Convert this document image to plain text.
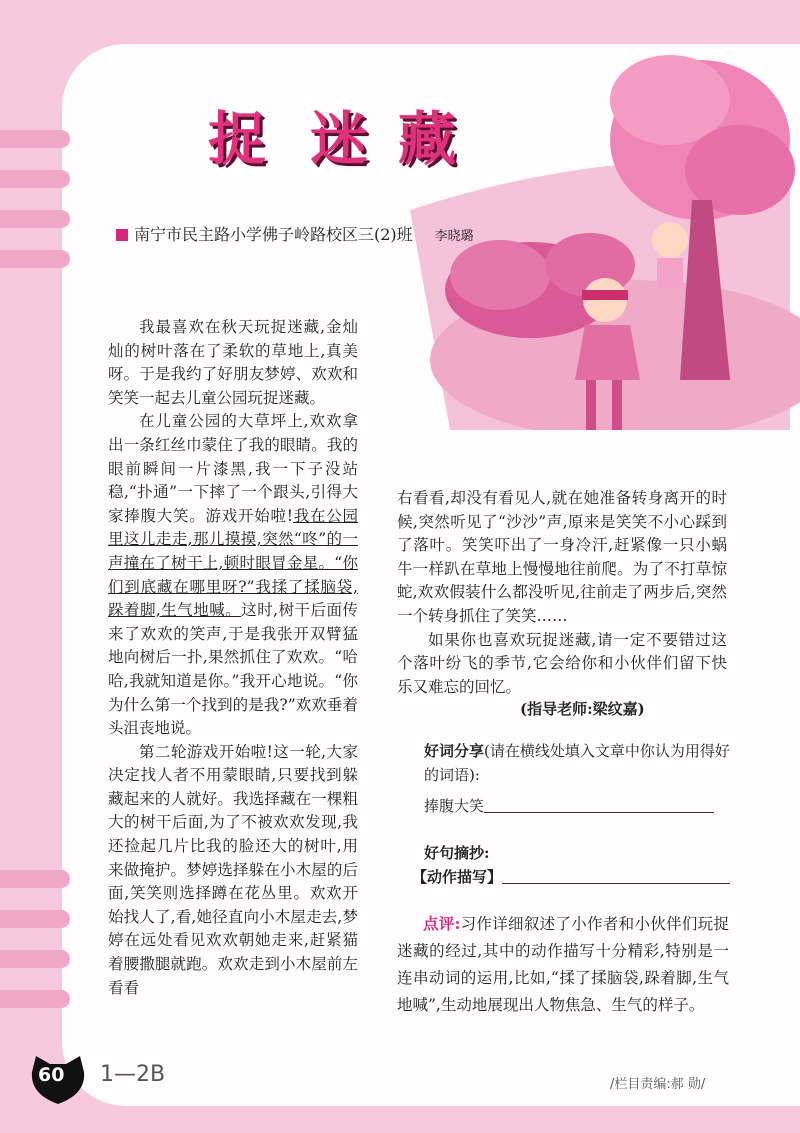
捉 迷 藏
南宁市民主路小学佛子岭路校区三(2)班 李晓璐

我最喜欢在秋天玩捉迷藏,金灿灿的树叶落在了柔软的草地上,真美呀。于是我约了好朋友梦婷、欢欢和笑笑一起去儿童公园玩捉迷藏。

在儿童公园的大草坪上,欢欢拿出一条红丝巾蒙住了我的眼睛。我的眼前瞬间一片漆黑,我一下子没站稳,“扑通”一下摔了一个跟头,引得大家捧腹大笑。游戏开始啦!我在公园里这儿走走,那儿摸摸,突然“咚”的一声撞在了树干上,顿时眼冒金星。“你们到底藏在哪里呀?”我揉了揉脑袋,跺着脚,生气地喊。这时,树干后面传来了欢欢的笑声,于是我张开双臂猛地向树后一扑,果然抓住了欢欢。“哈哈,我就知道是你。”我开心地说。“你为什么第一个找到的是我?”欢欢垂着头沮丧地说。

第二轮游戏开始啦!这一轮,大家决定找人者不用蒙眼睛,只要找到躲藏起来的人就好。我选择藏在一棵粗大的树干后面,为了不被欢欢发现,我还捡起几片比我的脸还大的树叶,用来做掩护。梦婷选择躲在小木屋的后面,笑笑则选择蹲在花丛里。欢欢开始找人了,看,她径直向小木屋走去,梦婷在远处看见欢欢朝她走来,赶紧猫着腰撒腿就跑。欢欢走到小木屋前左看看

右看看,却没有看见人,就在她准备转身离开的时候,突然听见了“沙沙”声,原来是笑笑不小心踩到了落叶。笑笑吓出了一身冷汗,赶紧像一只小蜗牛一样趴在草地上慢慢地往前爬。为了不打草惊蛇,欢欢假装什么都没听见,往前走了两步后,突然一个转身抓住了笑笑……

如果你也喜欢玩捉迷藏,请一定不要错过这个落叶纷飞的季节,它会给你和小伙伴们留下快乐又难忘的回忆。

(指导老师:梁纹嘉)
好词分享(请在横线处填入文章中你认为用得好的词语):
捧腹大笑
好句摘抄:
【动作描写】
点评:习作详细叙述了小作者和小伙伴们玩捉迷藏的经过,其中的动作描写十分精彩,特别是一连串动词的运用,比如,“揉了揉脑袋,跺着脚,生气地喊”,生动地展现出人物焦急、生气的样子。
60 1—2B	/栏目责编:郝 勋/
